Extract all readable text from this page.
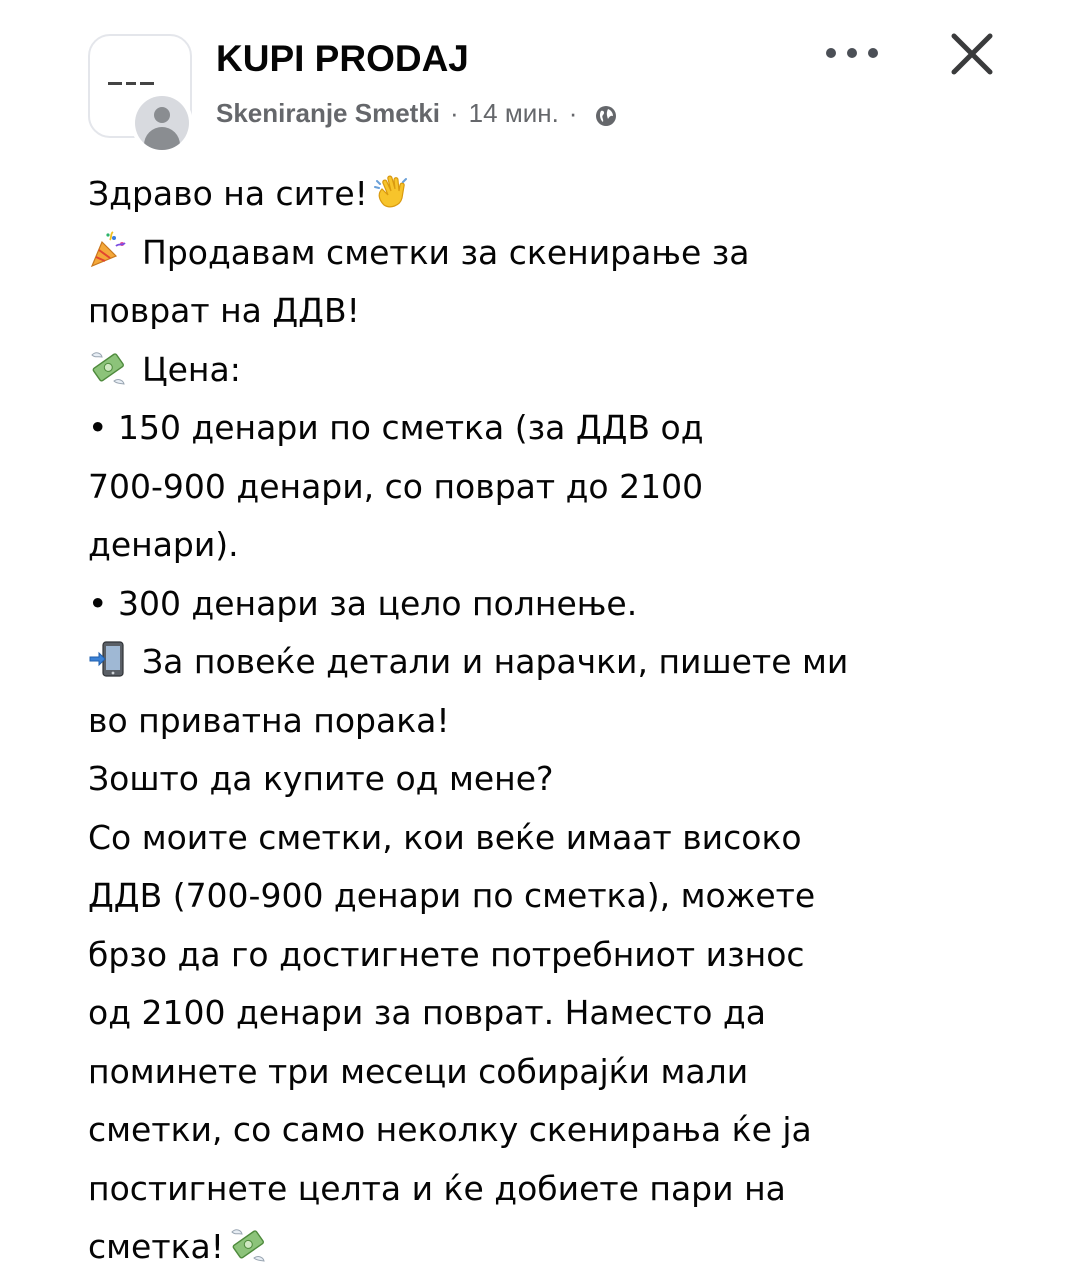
KUPI PRODAJ
Skeniranje Smetki · 14 мин. ·
Здраво на сите!
Продавам сметки за скенирање за
поврат на ДДВ!
Цена:
• 150 денари по сметка (за ДДВ од
700-900 денари, со поврат до 2100
денари).
• 300 денари за цело полнење.
За повеќе детали и нарачки, пишете ми
во приватна порака!
Зошто да купите од мене?
Со моите сметки, кои веќе имаат високо
ДДВ (700-900 денари по сметка), можете
брзо да го достигнете потребниот износ
од 2100 денари за поврат. Наместо да
поминете три месеци собирајќи мали
сметки, со само неколку скенирања ќе ја
постигнете целта и ќе добиете пари на
сметка!
